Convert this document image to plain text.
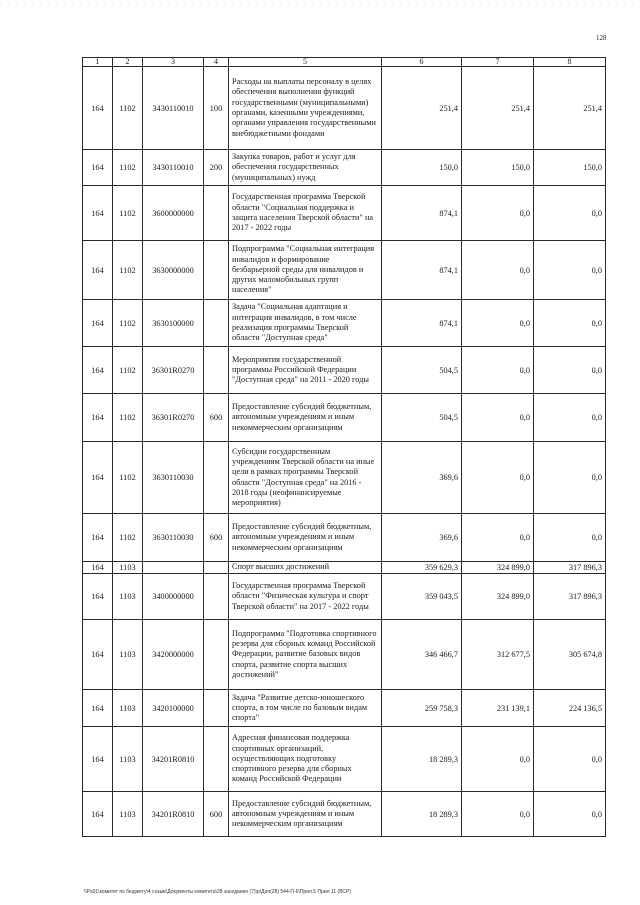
128
1	2	3	4	5	6	7	8
164	1102	3430110010	100	Расходы на выплаты персоналу в целях обеспечения выполнения функций государственными (муниципальными) органами, казенными учреждениями, органами управления государственными внебюджетными фондами	251,4	251,4	251,4
164	1102	3430110010	200	Закупка товаров, работ и услуг для обеспечения государственных (муниципальных) нужд	150,0	150,0	150,0
164	1102	3600000000		Государственная программа Тверской области "Социальная поддержка и защита населения Тверской области" на 2017 - 2022 годы	874,1	0,0	0,0
164	1102	3630000000		Подпрограмма "Социальная интеграция инвалидов и формирование безбарьерной среды для инвалидов и других маломобильных групп населения"	874,1	0,0	0,0
164	1102	3630100000		Задача "Социальная адаптация и интеграция инвалидов, в том числе реализация программы Тверской области "Доступная среда"	874,1	0,0	0,0
164	1102	36301R0270		Мероприятия государственной программы Российской Федерации "Доступная среда" на 2011 - 2020 годы	504,5	0,0	0,0
164	1102	36301R0270	600	Предоставление субсидий бюджетным, автономным учреждениям и иным некоммерческим организациям	504,5	0,0	0,0
164	1102	3630110030		Субсидии государственным учреждениям Тверской области на иные цели в рамках программы Тверской области "Доступная среда" на 2016 - 2018 годы (неофинансируемые мероприятия)	369,6	0,0	0,0
164	1102	3630110030	600	Предоставление субсидий бюджетным, автономным учреждениям и иным некоммерческим организациям	369,6	0,0	0,0
164	1103			Спорт высших достижений	359 629,3	324 899,0	317 896,3
164	1103	3400000000		Государственная программа Тверской области "Физическая культура и спорт Тверской области" на 2017 - 2022 годы	359 043,5	324 899,0	317 896,3
164	1103	3420000000		Подпрограмма "Подготовка спортивного резерва для сборных команд Российской Федерации, развитие базовых видов спорта, развитие спорта высших достижений"	346 466,7	312 677,5	305 674,8
164	1103	3420100000		Задача "Развитие детско-юношеского спорта, в том числе по базовым видам спорта"	259 758,3	231 139,1	224 136,5
164	1103	34201R0810		Адресная финансовая поддержка спортивных организаций, осуществляющих подготовку спортивного резерва для сборных команд Российской Федерации	18 289,3	0,0	0,0
164	1103	34201R0810	600	Предоставление субсидий бюджетным, автономным учреждениям и иным некоммерческим организациям	18 289,3	0,0	0,0
\\Ps01\комитет по бюджету\4 созыв\Документы комитета\28 заседание (7)\р\Доп(28) 544-П-6\Прил.5 Прил 11 (ВСР)
